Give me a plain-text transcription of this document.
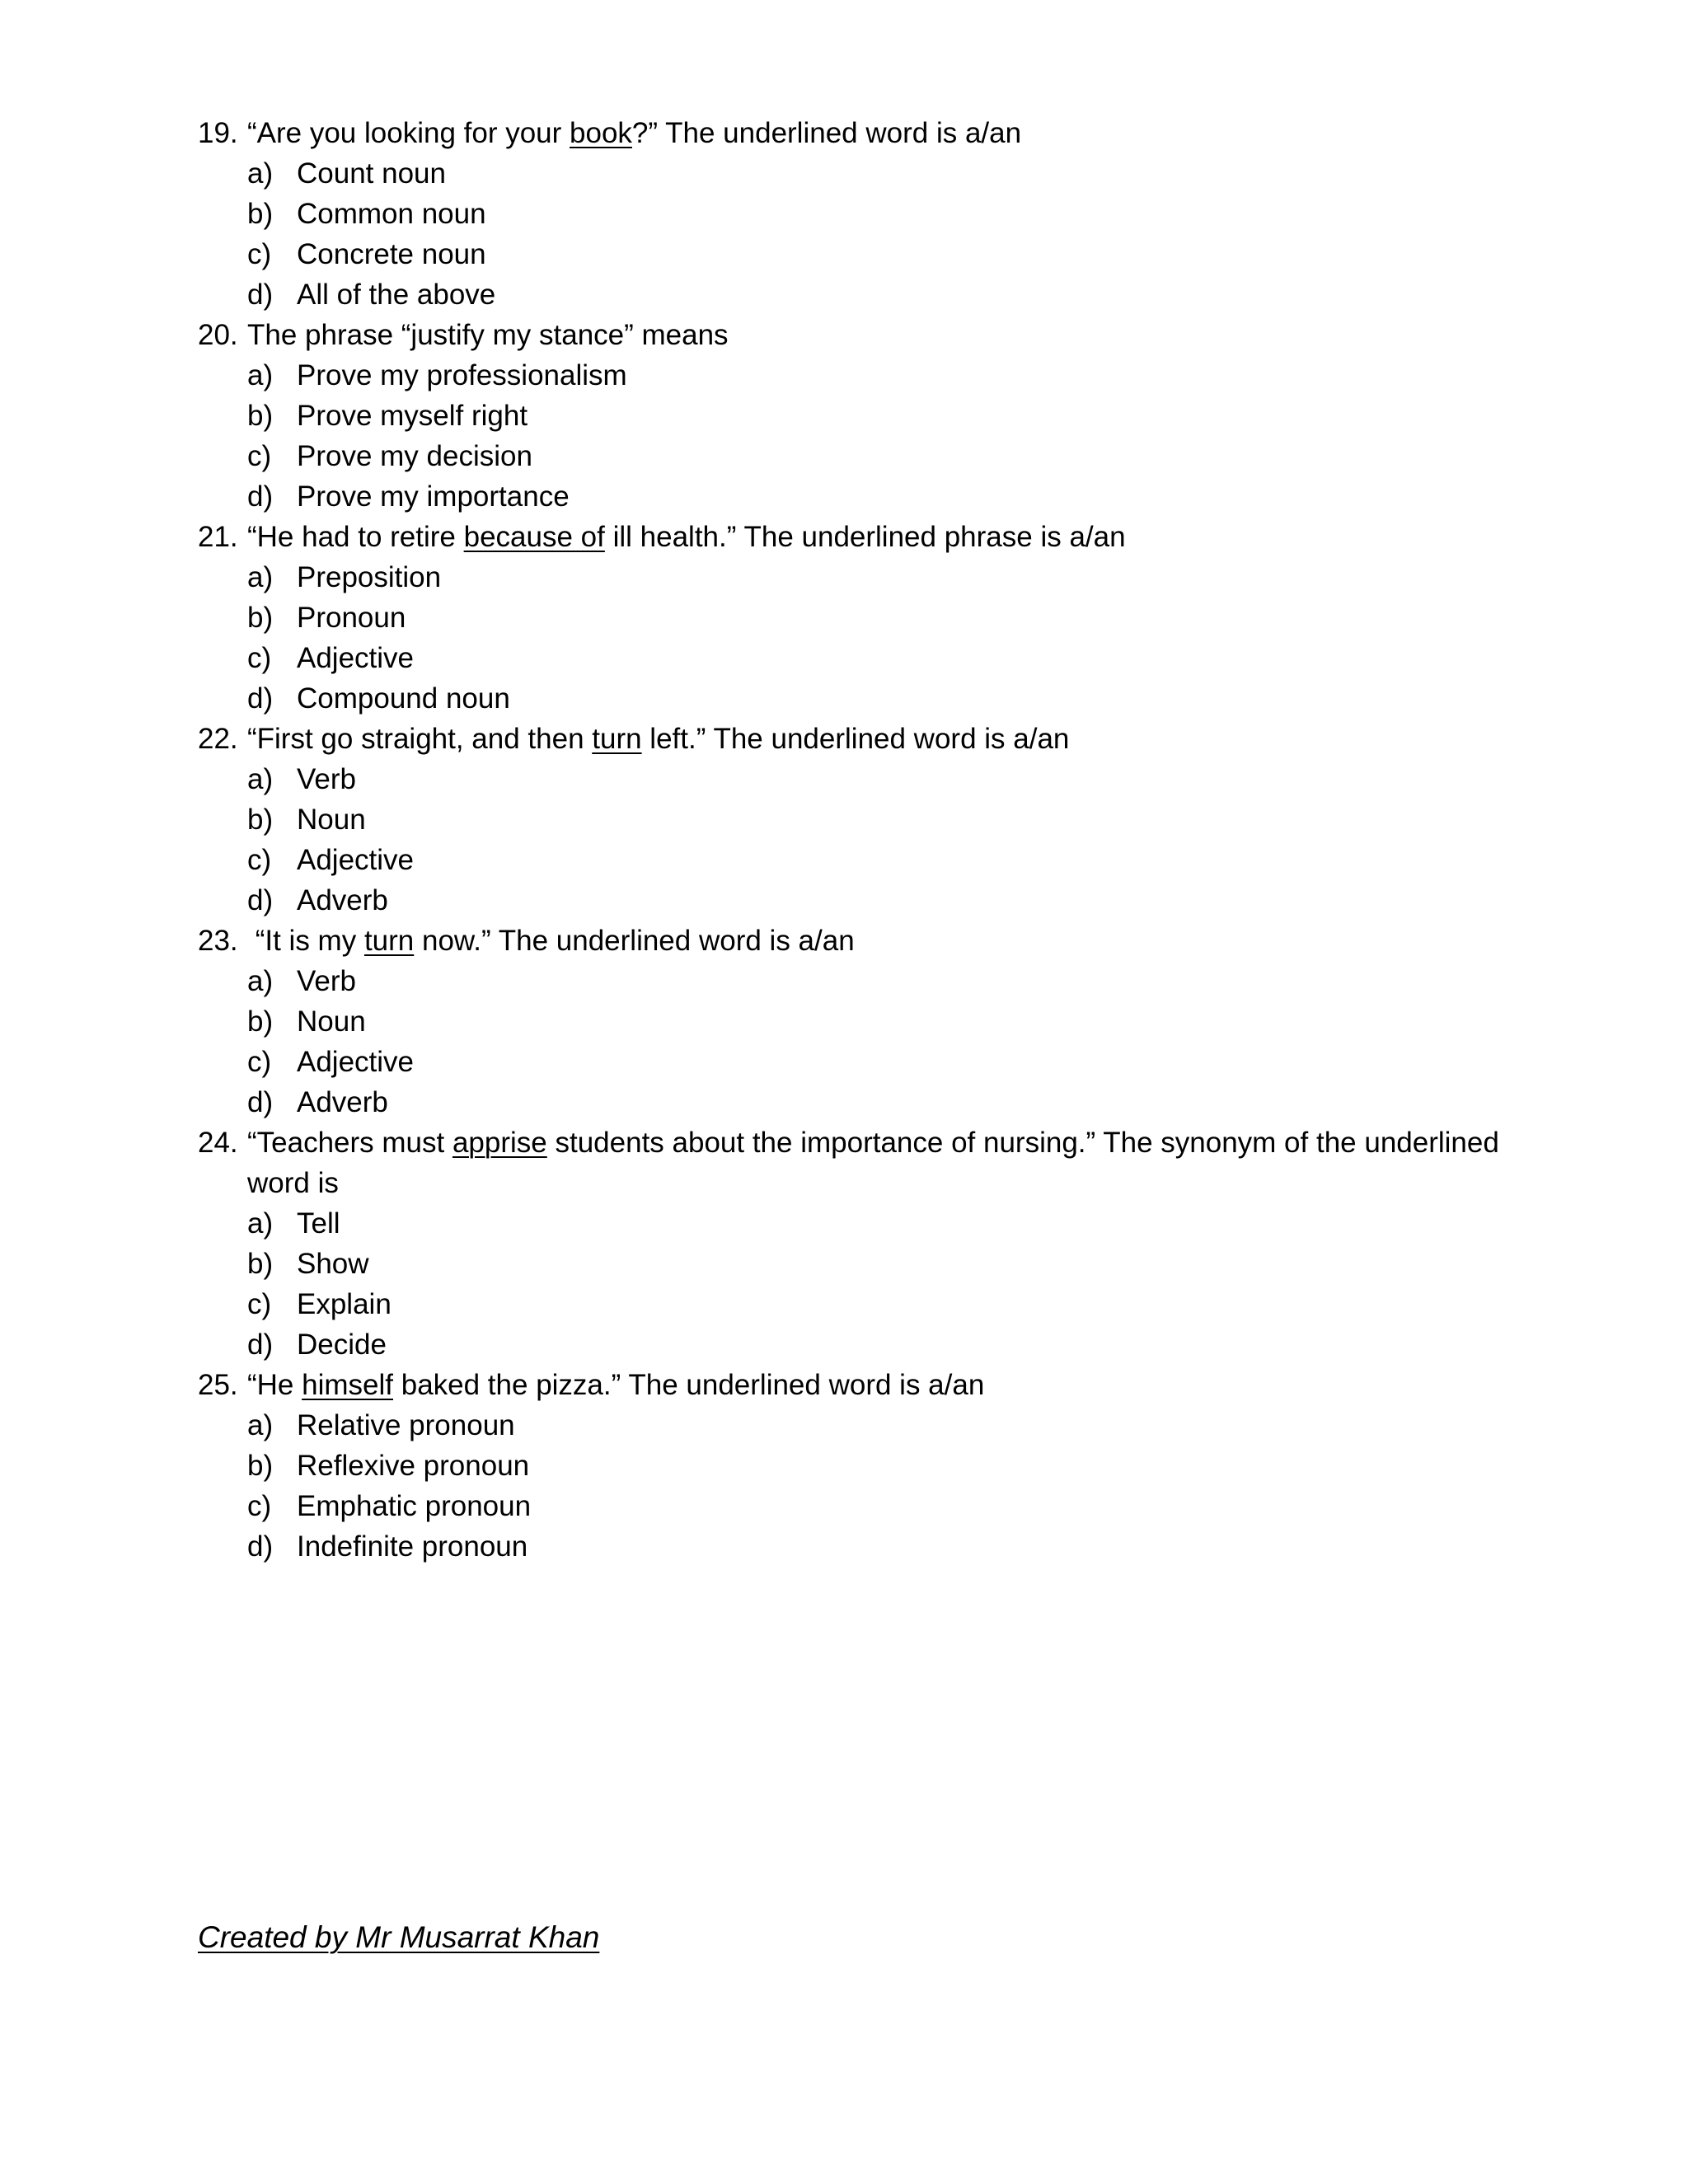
19. “Are you looking for your book?” The underlined word is a/an
a) Count noun
b) Common noun
c) Concrete noun
d) All of the above
20. The phrase “justify my stance” means
a) Prove my professionalism
b) Prove myself right
c) Prove my decision
d) Prove my importance
21. “He had to retire because of ill health.” The underlined phrase is a/an
a) Preposition
b) Pronoun
c) Adjective
d) Compound noun
22. “First go straight, and then turn left.” The underlined word is a/an
a) Verb
b) Noun
c) Adjective
d) Adverb
23. “It is my turn now.” The underlined word is a/an
a) Verb
b) Noun
c) Adjective
d) Adverb
24. “Teachers must apprise students about the importance of nursing.” The synonym of the underlined word is
a) Tell
b) Show
c) Explain
d) Decide
25. “He himself baked the pizza.” The underlined word is a/an
a) Relative pronoun
b) Reflexive pronoun
c) Emphatic pronoun
d) Indefinite pronoun
Created by Mr Musarrat Khan
